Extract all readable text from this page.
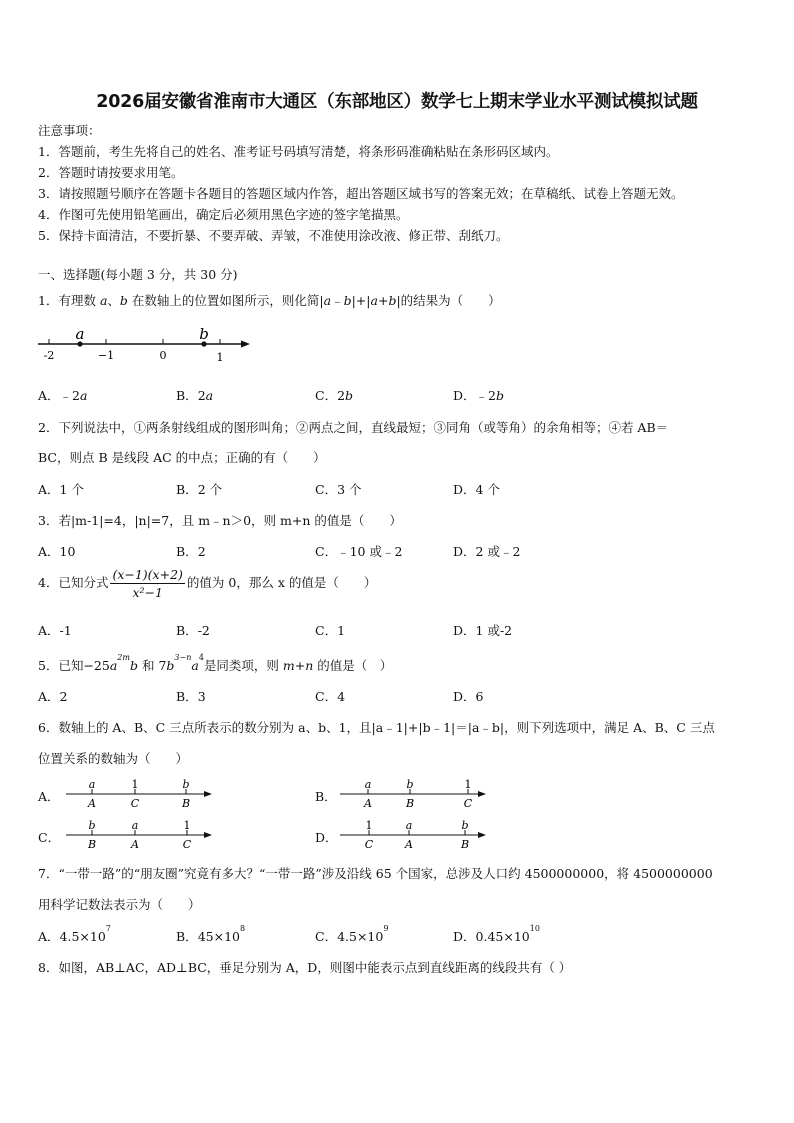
2026届安徽省淮南市大通区（东部地区）数学七上期末学业水平测试模拟试题
注意事项：
1．答题前，考生先将自己的姓名、准考证号码填写清楚，将条形码准确粘贴在条形码区域内。
2．答题时请按要求用笔。
3．请按照题号顺序在答题卡各题目的答题区域内作答，超出答题区域书写的答案无效；在草稿纸、试卷上答题无效。
4．作图可先使用铅笔画出，确定后必须用黑色字迹的签字笔描黑。
5．保持卡面清洁，不要折暴、不要弄破、弄皱，不准使用涂改液、修正带、刮纸刀。
一、选择题(每小题 3 分，共 30 分)
1．有理数 a、b 在数轴上的位置如图所示，则化简|a﹣b|+|a+b|的结果为（　　）
a	b
-2	−1	0	1
A．﹣2a	B．2a	C．2b	D．﹣2b
2．下列说法中，①两条射线组成的图形叫角；②两点之间，直线最短；③同角（或等角）的余角相等；④若 AB＝
BC，则点 B 是线段 AC 的中点；正确的有（　　）
A．1 个	B．2 个	C．3 个	D．4 个
3．若|m-1|=4，|n|=7，且 m﹣n＞0，则 m+n 的值是（　　）
A．10	B．2	C．﹣10 或﹣2	D．2 或﹣2
4．已知分式 $\frac{(x-1)(x+2)}{\text{x²−1}}$ 的值为 0，那么 x 的值是（　　）
A．-1	B．-2	C．1	D．1 或-2
5．已知$-25a^{2m}b$ 和 $7b^{3-n}a^4$是同类项，则 m+n 的值是（　）
A．2	B．3	C．4	D．6
6．数轴上的 A、B、C 三点所表示的数分别为 a、b、1，且|a﹣1|+|b﹣1|＝|a﹣b|，则下列选项中，满足 A、B、C 三点
位置关系的数轴为（　　）
A．
a	1	b
A	C	B	B．
a	b	1
A	B	C
C．
b	a	1
B	A	C	D．
1	a	b
C	A	B
7．“一带一路”的“朋友圈”究竟有多大？“一带一路”涉及沿线 65 个国家，总涉及人口约 4500000000，将 4500000000
用科学记数法表示为（　　）
A．$4.5\times 10^7$
B．$45\times 10^8$
C．$4.5\times 10^9$
D．$0.45\times 10^{10}$
8．如图，AB⊥AC，AD⊥BC，垂足分别为 A，D，则图中能表示点到直线距离的线段共有（ ）
